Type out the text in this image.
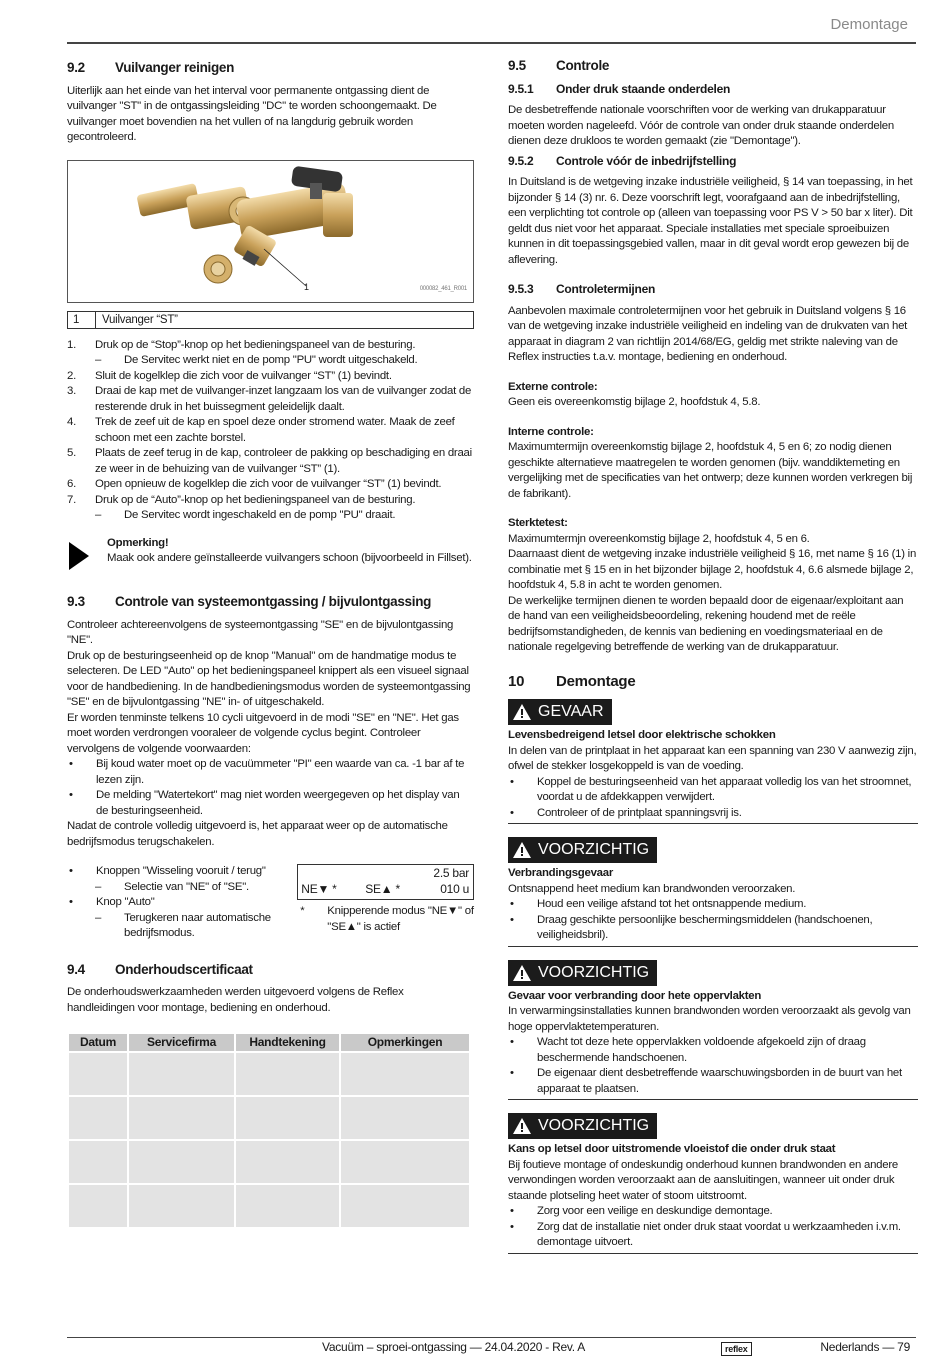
Demontage
9.2	Vuilvanger reinigen

Uiterlijk aan het einde van het interval voor permanente ontgassing dient de vuilvanger "ST" in de ontgassingsleiding "DC" te worden schoongemaakt. De vuilvanger moet bovendien na het vullen of na langdurig gebruik worden gecontroleerd.

1	000082_461_R001
1	Vuilvanger “ST”
1.	Druk op de “Stop”-knop op het bedieningspaneel van de besturing.
–	De Servitec werkt niet en de pomp "PU" wordt uitgeschakeld.
2.	Sluit de kogelklep die zich voor de vuilvanger “ST” (1) bevindt.
3.	Draai de kap met de vuilvanger-inzet langzaam los van de vuilvanger zodat de resterende druk in het buissegment geleidelijk daalt.
4.	Trek de zeef uit de kap en spoel deze onder stromend water. Maak de zeef schoon met een zachte borstel.
5.	Plaats de zeef terug in de kap, controleer de pakking op beschadiging en draai ze weer in de behuizing van de vuilvanger “ST” (1).
6.	Open opnieuw de kogelklep die zich voor de vuilvanger “ST” (1) bevindt.
7.	Druk op de “Auto”-knop op het bedieningspaneel van de besturing.
–	De Servitec wordt ingeschakeld en de pomp "PU" draait.
Opmerking!
Maak ook andere geïnstalleerde vuilvangers schoon (bijvoorbeeld in Fillset).
9.3	Controle van systeemontgassing / bijvulontgassing

Controleer achtereenvolgens de systeemontgassing "SE" en de bijvulontgassing "NE".

Druk op de besturingseenheid op de knop "Manual" om de handmatige modus te selecteren. De LED "Auto" op het bedieningspaneel knippert als een visueel signaal voor de handbediening. In de handbedieningsmodus worden de systeemontgassing "SE" en de bijvulontgassing "NE" in- of uitgeschakeld.

Er worden tenminste telkens 10 cycli uitgevoerd in de modi "SE" en "NE". Het gas moet worden verdrongen vooraleer de volgende cyclus begint. Controleer vervolgens de volgende voorwaarden:

•	Bij koud water moet op de vacuümmeter "PI" een waarde van ca. -1 bar af te lezen zijn.
•	De melding "Watertekort" mag niet worden weergegeven op het display van de besturingseenheid.

Nadat de controle volledig uitgevoerd is, het apparaat weer op de automatische bedrijfsmodus terugschakelen.

•	Knoppen "Wisseling vooruit / terug"
–	Selectie van "NE" of "SE".
•	Knop "Auto"
–	Terugkeren naar automatische bedrijfsmodus.
2.5 bar
NE▼ * SE▲ *	010 u
*	Knipperende modus "NE▼" of "SE▲" is actief
9.4	Onderhoudscertificaat

De onderhoudswerkzaamheden werden uitgevoerd volgens de Reflex handleidingen voor montage, bediening en onderhoud.

Datum	Servicefirma	Handtekening	Opmerkingen

9.5	Controle
9.5.1	Onder druk staande onderdelen

De desbetreffende nationale voorschriften voor de werking van drukapparatuur moeten worden nageleefd. Vóór de controle van onder druk staande onderdelen dienen deze drukloos te worden gemaakt (zie "Demontage").

9.5.2	Controle vóór de inbedrijfstelling

In Duitsland is de wetgeving inzake industriële veiligheid, § 14 van toepassing, in het bijzonder § 14 (3) nr. 6. Deze voorschrift legt, voorafgaand aan de inbedrijfstelling, een verplichting tot controle op (alleen van toepassing voor PS V > 50 bar x liter). Dit geldt dus niet voor het apparaat. Speciale installaties met speciale sproeibuizen kunnen in dit toepassingsgebied vallen, maar in dit geval wordt erop gewezen bij de aflevering.

9.5.3	Controletermijnen

Aanbevolen maximale controletermijnen voor het gebruik in Duitsland volgens § 16 van de wetgeving inzake industriële veiligheid en indeling van de drukvaten van het apparaat in diagram 2 van richtlijn 2014/68/EG, geldig met strikte naleving van de Reflex instructies t.a.v. montage, bediening en onderhoud.

Externe controle:

Geen eis overeenkomstig bijlage 2, hoofdstuk 4, 5.8.

Interne controle:

Maximumtermijn overeenkomstig bijlage 2, hoofdstuk 4, 5 en 6; zo nodig dienen geschikte alternatieve maatregelen te worden genomen (bijv. wanddiktemeting en vergelijking met de specificaties van het ontwerp; deze kunnen worden verkregen bij de fabrikant).

Sterktetest:

Maximumtermjn overeenkomstig bijlage 2, hoofdstuk 4, 5 en 6.

Daarnaast dient de wetgeving inzake industriële veiligheid § 16, met name § 16 (1) in combinatie met § 15 en in het bijzonder bijlage 2, hoofdstuk 4, 6.6 alsmede bijlage 2, hoofdstuk 4, 5.8 in acht te worden genomen.

De werkelijke termijnen dienen te worden bepaald door de eigenaar/exploitant aan de hand van een veiligheidsbeoordeling, rekening houdend met de reële bedrijfsomstandigheden, de kennis van bediening en voedingsmateriaal en de nationale regelgeving betreffende de werking van de drukapparatuur.

10	Demontage
GEVAAR
Levensbedreigend letsel door elektrische schokken

In delen van de printplaat in het apparaat kan een spanning van 230 V aanwezig zijn, ofwel de stekker losgekoppeld is van de voeding.

•	Koppel de besturingseenheid van het apparaat volledig los van het stroomnet, voordat u de afdekkappen verwijdert.
•	Controleer of de printplaat spanningsvrij is.
VOORZICHTIG
Verbrandingsgevaar

Ontsnappend heet medium kan brandwonden veroorzaken.

•	Houd een veilige afstand tot het ontsnappende medium.
•	Draag geschikte persoonlijke beschermingsmiddelen (handschoenen, veiligheidsbril).
VOORZICHTIG
Gevaar voor verbranding door hete oppervlakten

In verwarmingsinstallaties kunnen brandwonden worden veroorzaakt als gevolg van hoge oppervlaktetemperaturen.

•	Wacht tot deze hete oppervlakken voldoende afgekoeld zijn of draag beschermende handschoenen.
•	De eigenaar dient desbetreffende waarschuwingsborden in de buurt van het apparaat te plaatsen.
VOORZICHTIG
Kans op letsel door uitstromende vloeistof die onder druk staat

Bij foutieve montage of ondeskundig onderhoud kunnen brandwonden en andere verwondingen worden veroorzaakt aan de aansluitingen, wanneer uit onder druk staande plotseling heet water of stoom uitstroomt.

•	Zorg voor een veilige en deskundige demontage.
•	Zorg dat de installatie niet onder druk staat voordat u werkzaamheden i.v.m. demontage uitvoert.
Vacuüm – sproei-ontgassing — 24.04.2020 - Rev. A	reflex	Nederlands — 79
